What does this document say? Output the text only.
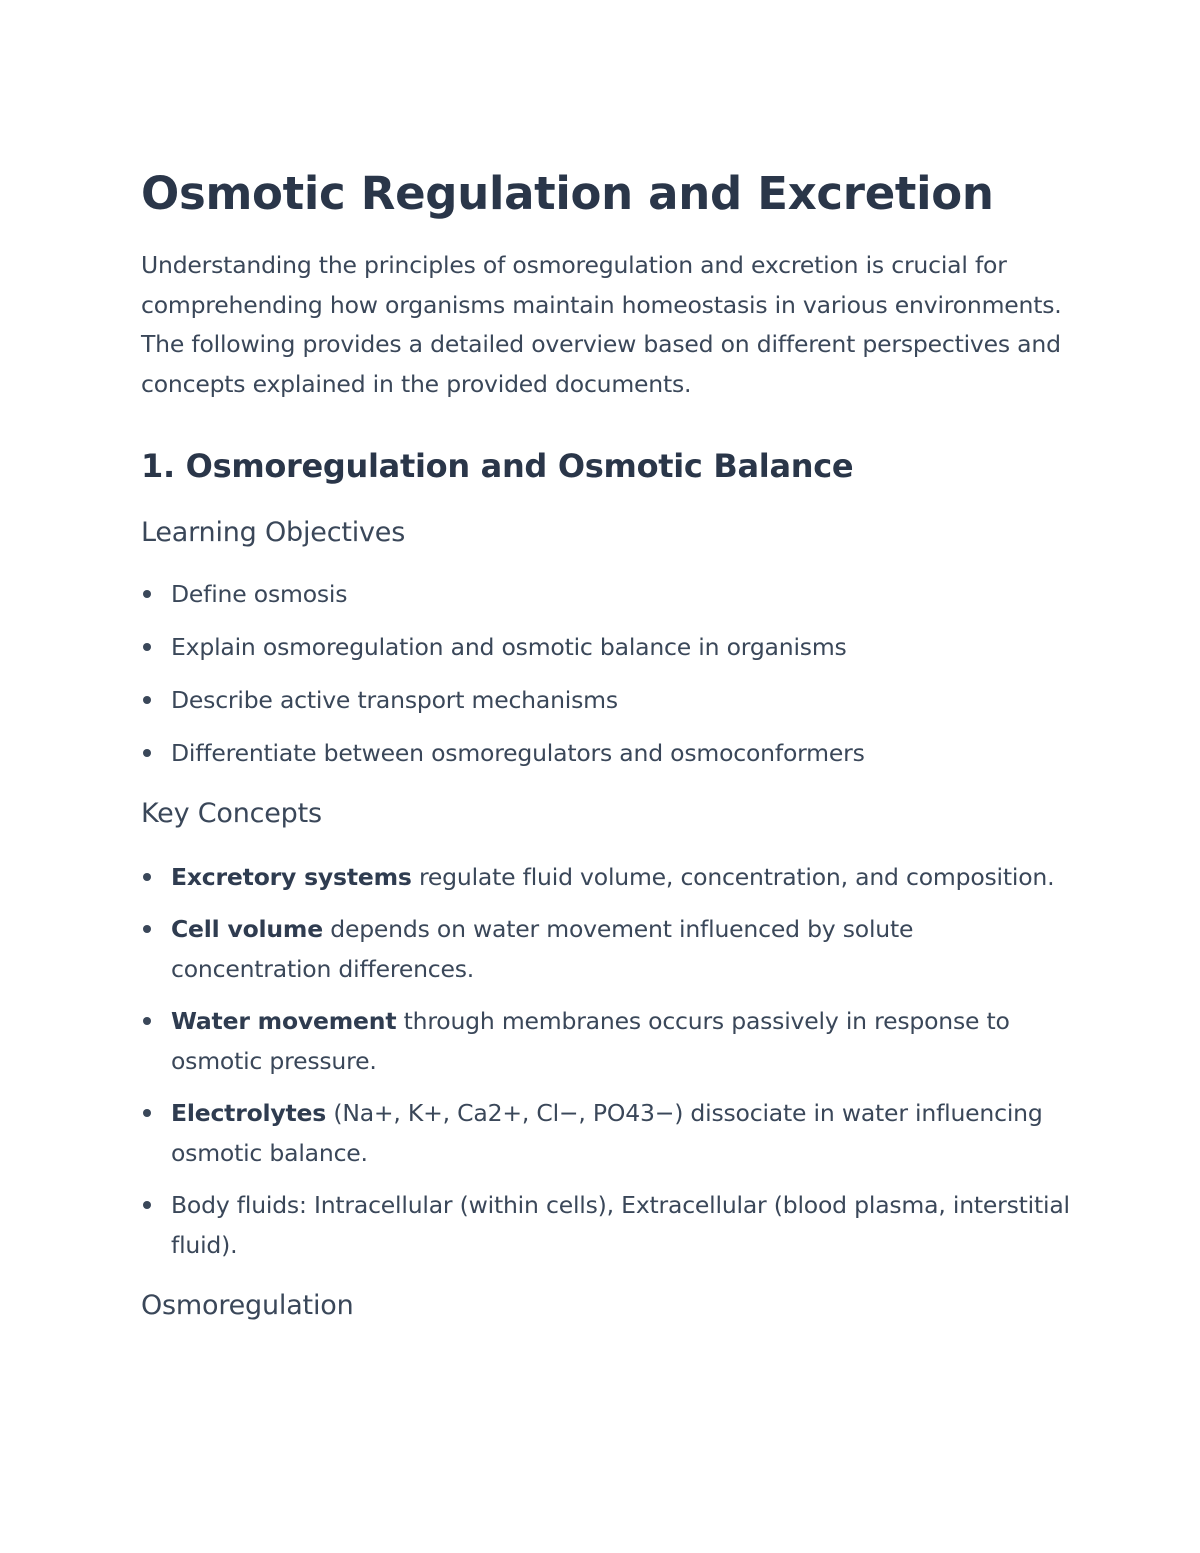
Osmotic Regulation and Excretion

Understanding the principles of osmoregulation and excretion is crucial for comprehending how organisms maintain homeostasis in various environments. The following provides a detailed overview based on different perspectives and concepts explained in the provided documents.

1. Osmoregulation and Osmotic Balance
Learning Objectives
Define osmosis
Explain osmoregulation and osmotic balance in organisms
Describe active transport mechanisms
Differentiate between osmoregulators and osmoconformers
Key Concepts
Excretory systems regulate fluid volume, concentration, and composition.
Cell volume depends on water movement influenced by solute concentration differences.
Water movement through membranes occurs passively in response to osmotic pressure.
Electrolytes (Na+, K+, Ca2+, Cl−, PO43−) dissociate in water influencing osmotic balance.
Body fluids: Intracellular (within cells), Extracellular (blood plasma, interstitial fluid).
Osmoregulation
